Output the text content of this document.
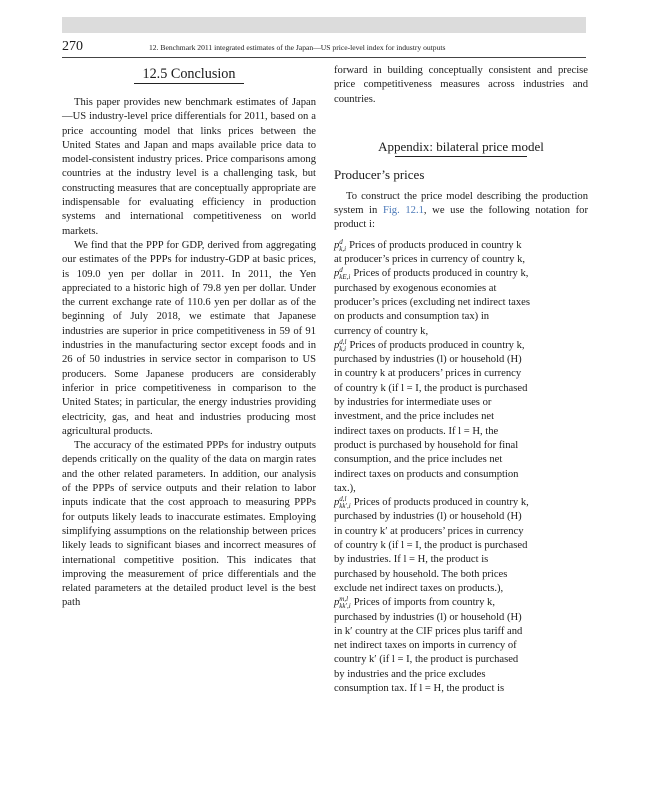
270	12. Benchmark 2011 integrated estimates of the Japan—US price-level index for industry outputs
12.5 Conclusion

This paper provides new benchmark estimates of Japan—US industry-level price differentials for 2011, based on a price accounting model that links prices between the United States and Japan and maps available price data to model-consistent industry prices. Price comparisons among countries at the industry level is a challenging task, but constructing measures that are conceptually appropriate are indispensable for evaluating efficiency in production systems and international competitiveness on world markets.

We find that the PPP for GDP, derived from aggregating our estimates of the PPPs for industry-GDP at basic prices, is 109.0 yen per dollar in 2011. In 2011, the Yen appreciated to a historic high of 79.8 yen per dollar. Under the current exchange rate of 110.6 yen per dollar as of the beginning of July 2018, we estimate that Japanese industries are superior in price competitiveness in 59 of 91 industries in the manufacturing sector except foods and in 26 of 50 industries in service sector in comparison to US producers. Some Japanese producers are considerably inferior in price competitiveness in comparison to the United States; in particular, the energy industries providing electricity, gas, and heat and industries producing most agricultural products.

The accuracy of the estimated PPPs for industry outputs depends critically on the quality of the data on margin rates and the other related parameters. In addition, our analysis of the PPPs of service outputs and their relation to labor inputs indicate that the cost approach to measuring PPPs for outputs likely leads to inaccurate estimates. Employing simplifying assumptions on the relationship between prices likely leads to significant biases and incorrect measures of international competitive position. This indicates that improving the measurement of price differentials and the related parameters at the detailed product level is the best path

forward in building conceptually consistent and precise price competitiveness measures across industries and countries.

Appendix: bilateral price model
Producer’s prices

To construct the price model describing the production system in Fig. 12.1, we use the following notation for product i:

p d
k,i Prices of products produced in country k
at producer’s prices in currency of country k,
p d
kE,i Prices of products produced in country k,
purchased by exogenous economies at
producer’s prices (excluding net indirect taxes
on products and consumption tax) in
currency of country k,
p d,l
k,i Prices of products produced in country k,
purchased by industries (l) or household (H)
in country k at producers’ prices in currency
of country k (if l = I, the product is purchased
by industries for intermediate uses or
investment, and the price includes net
indirect taxes on products. If l = H, the
product is purchased by household for final
consumption, and the price includes net
indirect taxes on products and consumption
tax.),
p d,l
kk′,i Prices of products produced in country k,
purchased by industries (l) or household (H)
in country k′ at producers’ prices in currency
of country k (if l = I, the product is purchased
by industries. If l = H, the product is
purchased by household. The both prices
exclude net indirect taxes on products.),
p m,l
kk′,i Prices of imports from country k,
purchased by industries (l) or household (H)
in k′ country at the CIF prices plus tariff and
net indirect taxes on imports in currency of
country k′ (if l = I, the product is purchased
by industries and the price excludes
consumption tax. If l = H, the product is
